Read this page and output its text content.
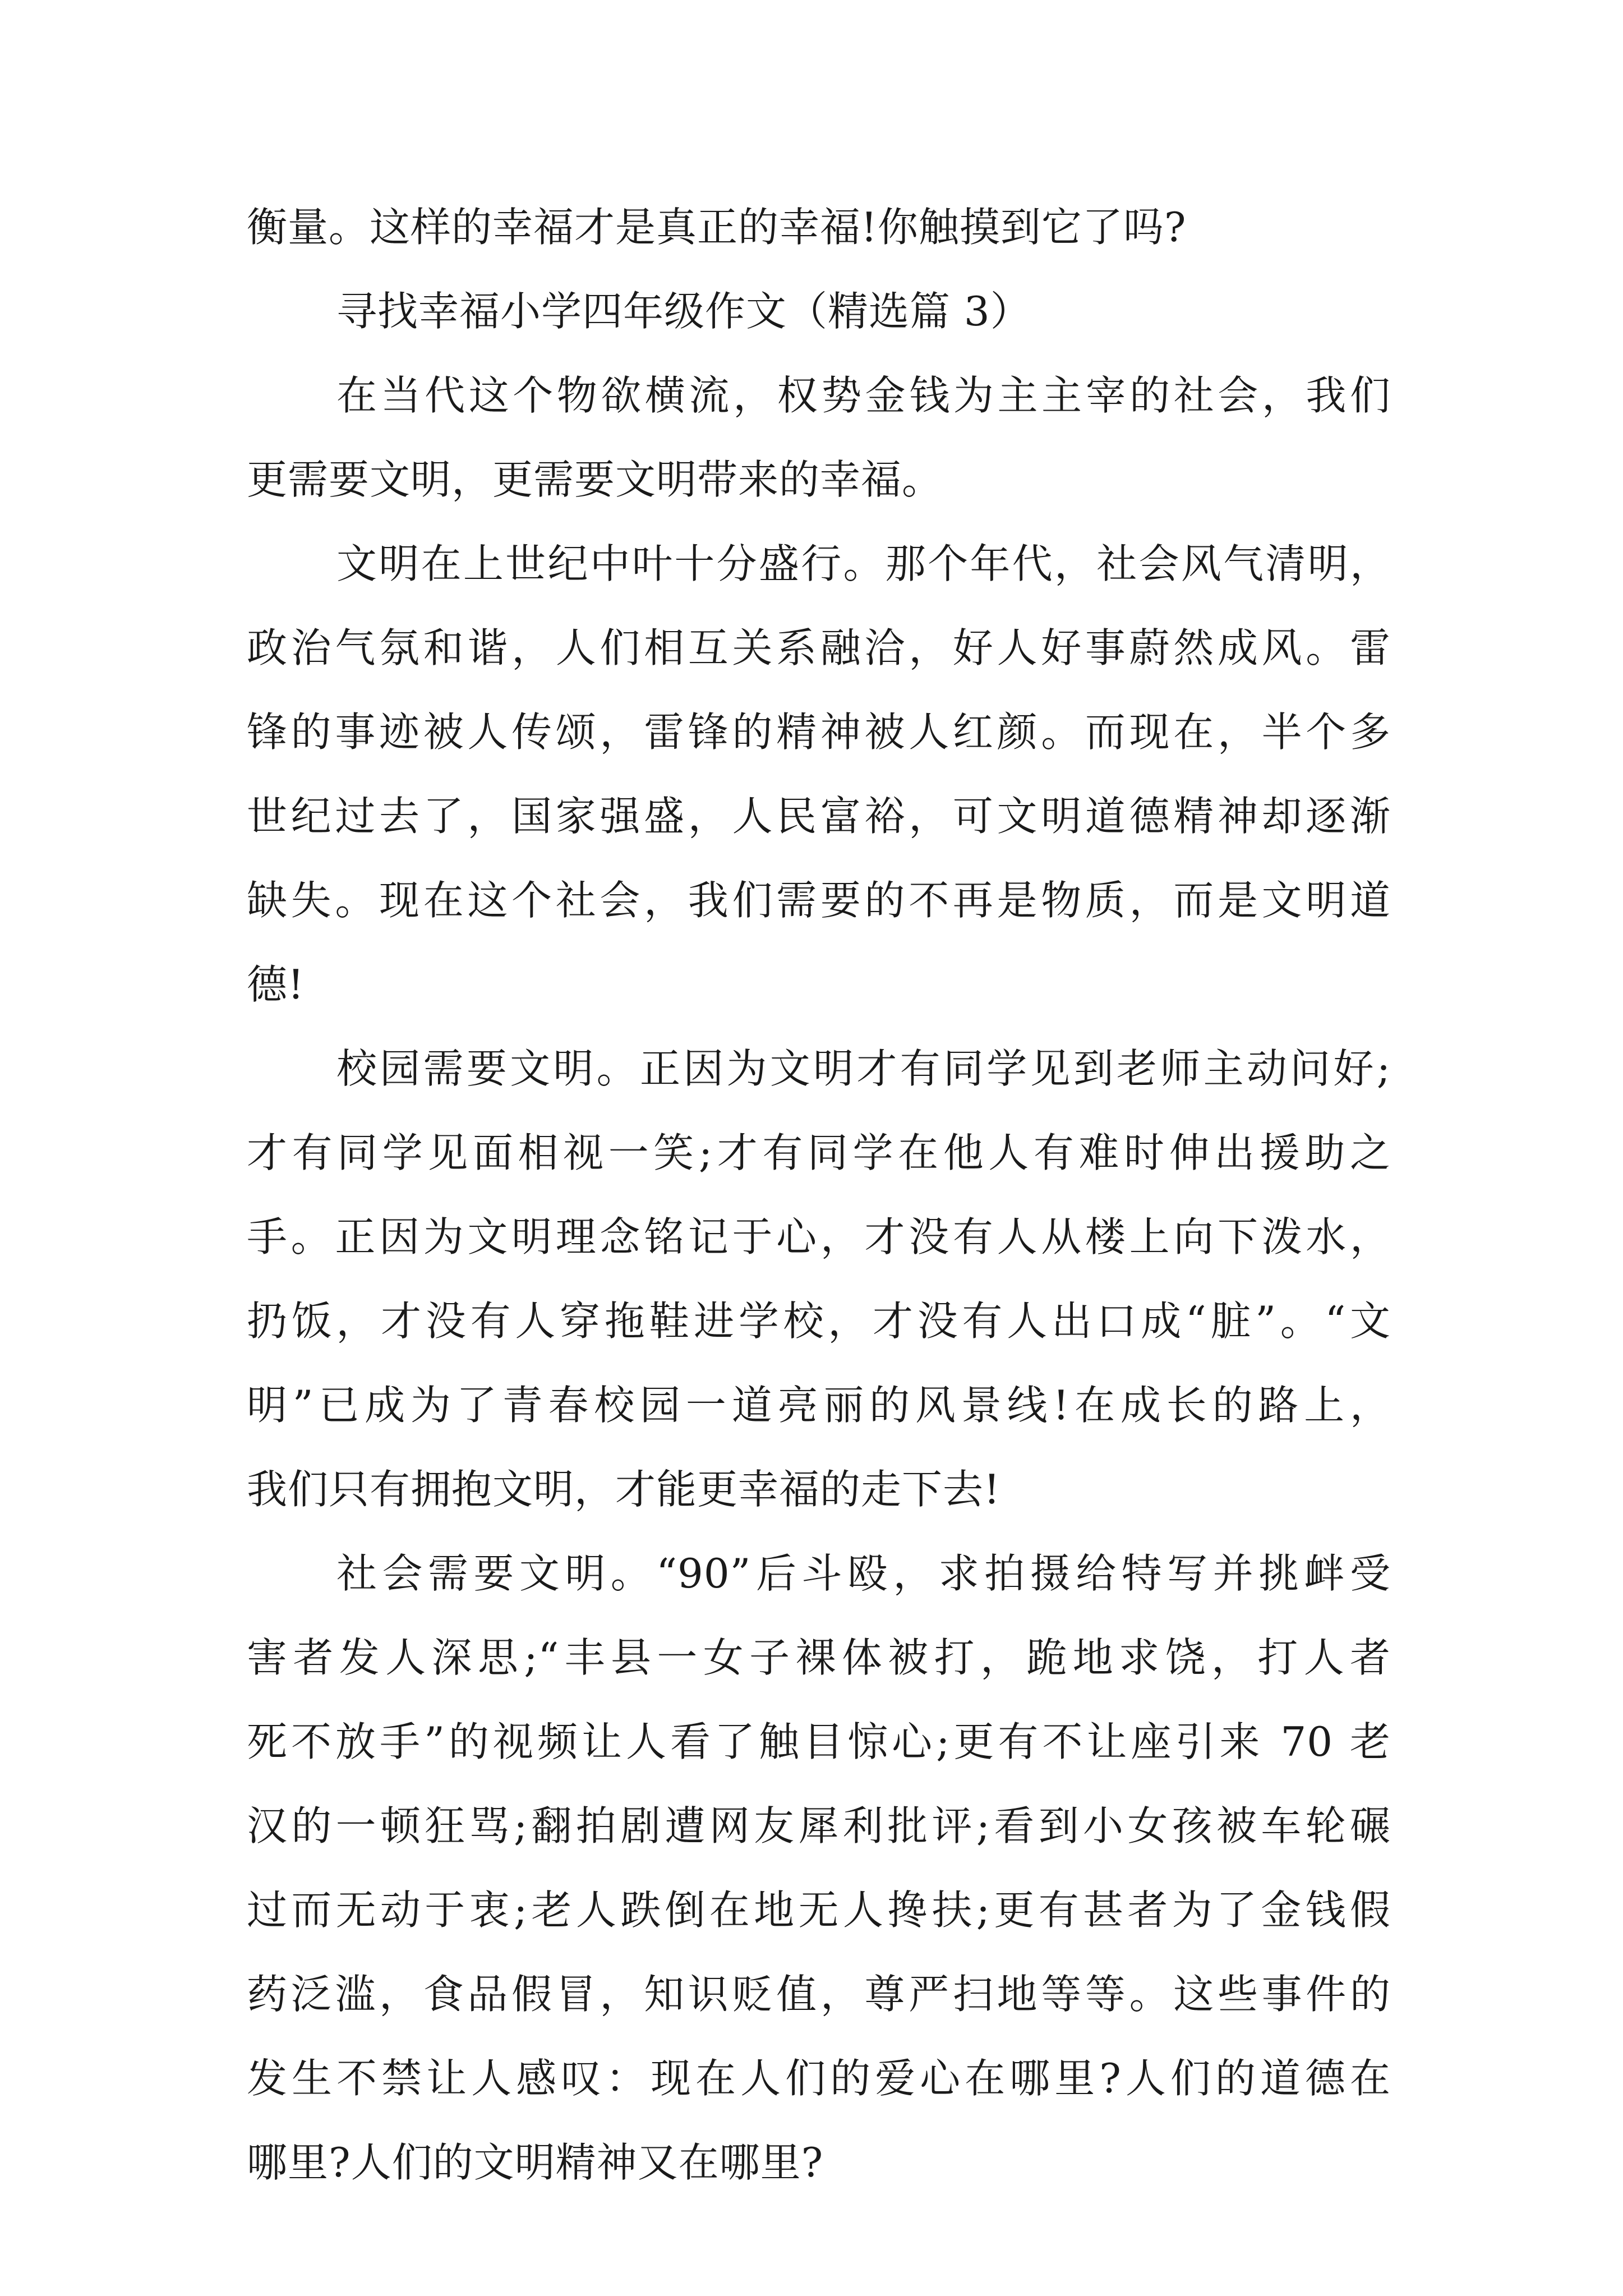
衡量。这样的幸福才是真正的幸福!你触摸到它了吗?

寻找幸福小学四年级作文（精选篇 3）

在当代这个物欲横流，权势金钱为主主宰的社会，我们

更需要文明，更需要文明带来的幸福。

文明在上世纪中叶十分盛行。那个年代，社会风气清明，

政治气氛和谐，人们相互关系融洽，好人好事蔚然成风。雷

锋的事迹被人传颂，雷锋的精神被人红颜。而现在，半个多

世纪过去了，国家强盛，人民富裕，可文明道德精神却逐渐

缺失。现在这个社会，我们需要的不再是物质，而是文明道

德!

校园需要文明。正因为文明才有同学见到老师主动问好;

才有同学见面相视一笑;才有同学在他人有难时伸出援助之

手。正因为文明理念铭记于心，才没有人从楼上向下泼水，

扔饭，才没有人穿拖鞋进学校，才没有人出口成“脏”。“文

明”已成为了青春校园一道亮丽的风景线!在成长的路上，

我们只有拥抱文明，才能更幸福的走下去!

社会需要文明。“90”后斗殴，求拍摄给特写并挑衅受

害者发人深思;“丰县一女子裸体被打，跪地求饶，打人者

死不放手”的视频让人看了触目惊心;更有不让座引来 70 老

汉的一顿狂骂;翻拍剧遭网友犀利批评;看到小女孩被车轮碾

过而无动于衷;老人跌倒在地无人搀扶;更有甚者为了金钱假

药泛滥，食品假冒，知识贬值，尊严扫地等等。这些事件的

发生不禁让人感叹：现在人们的爱心在哪里?人们的道德在

哪里?人们的文明精神又在哪里?
